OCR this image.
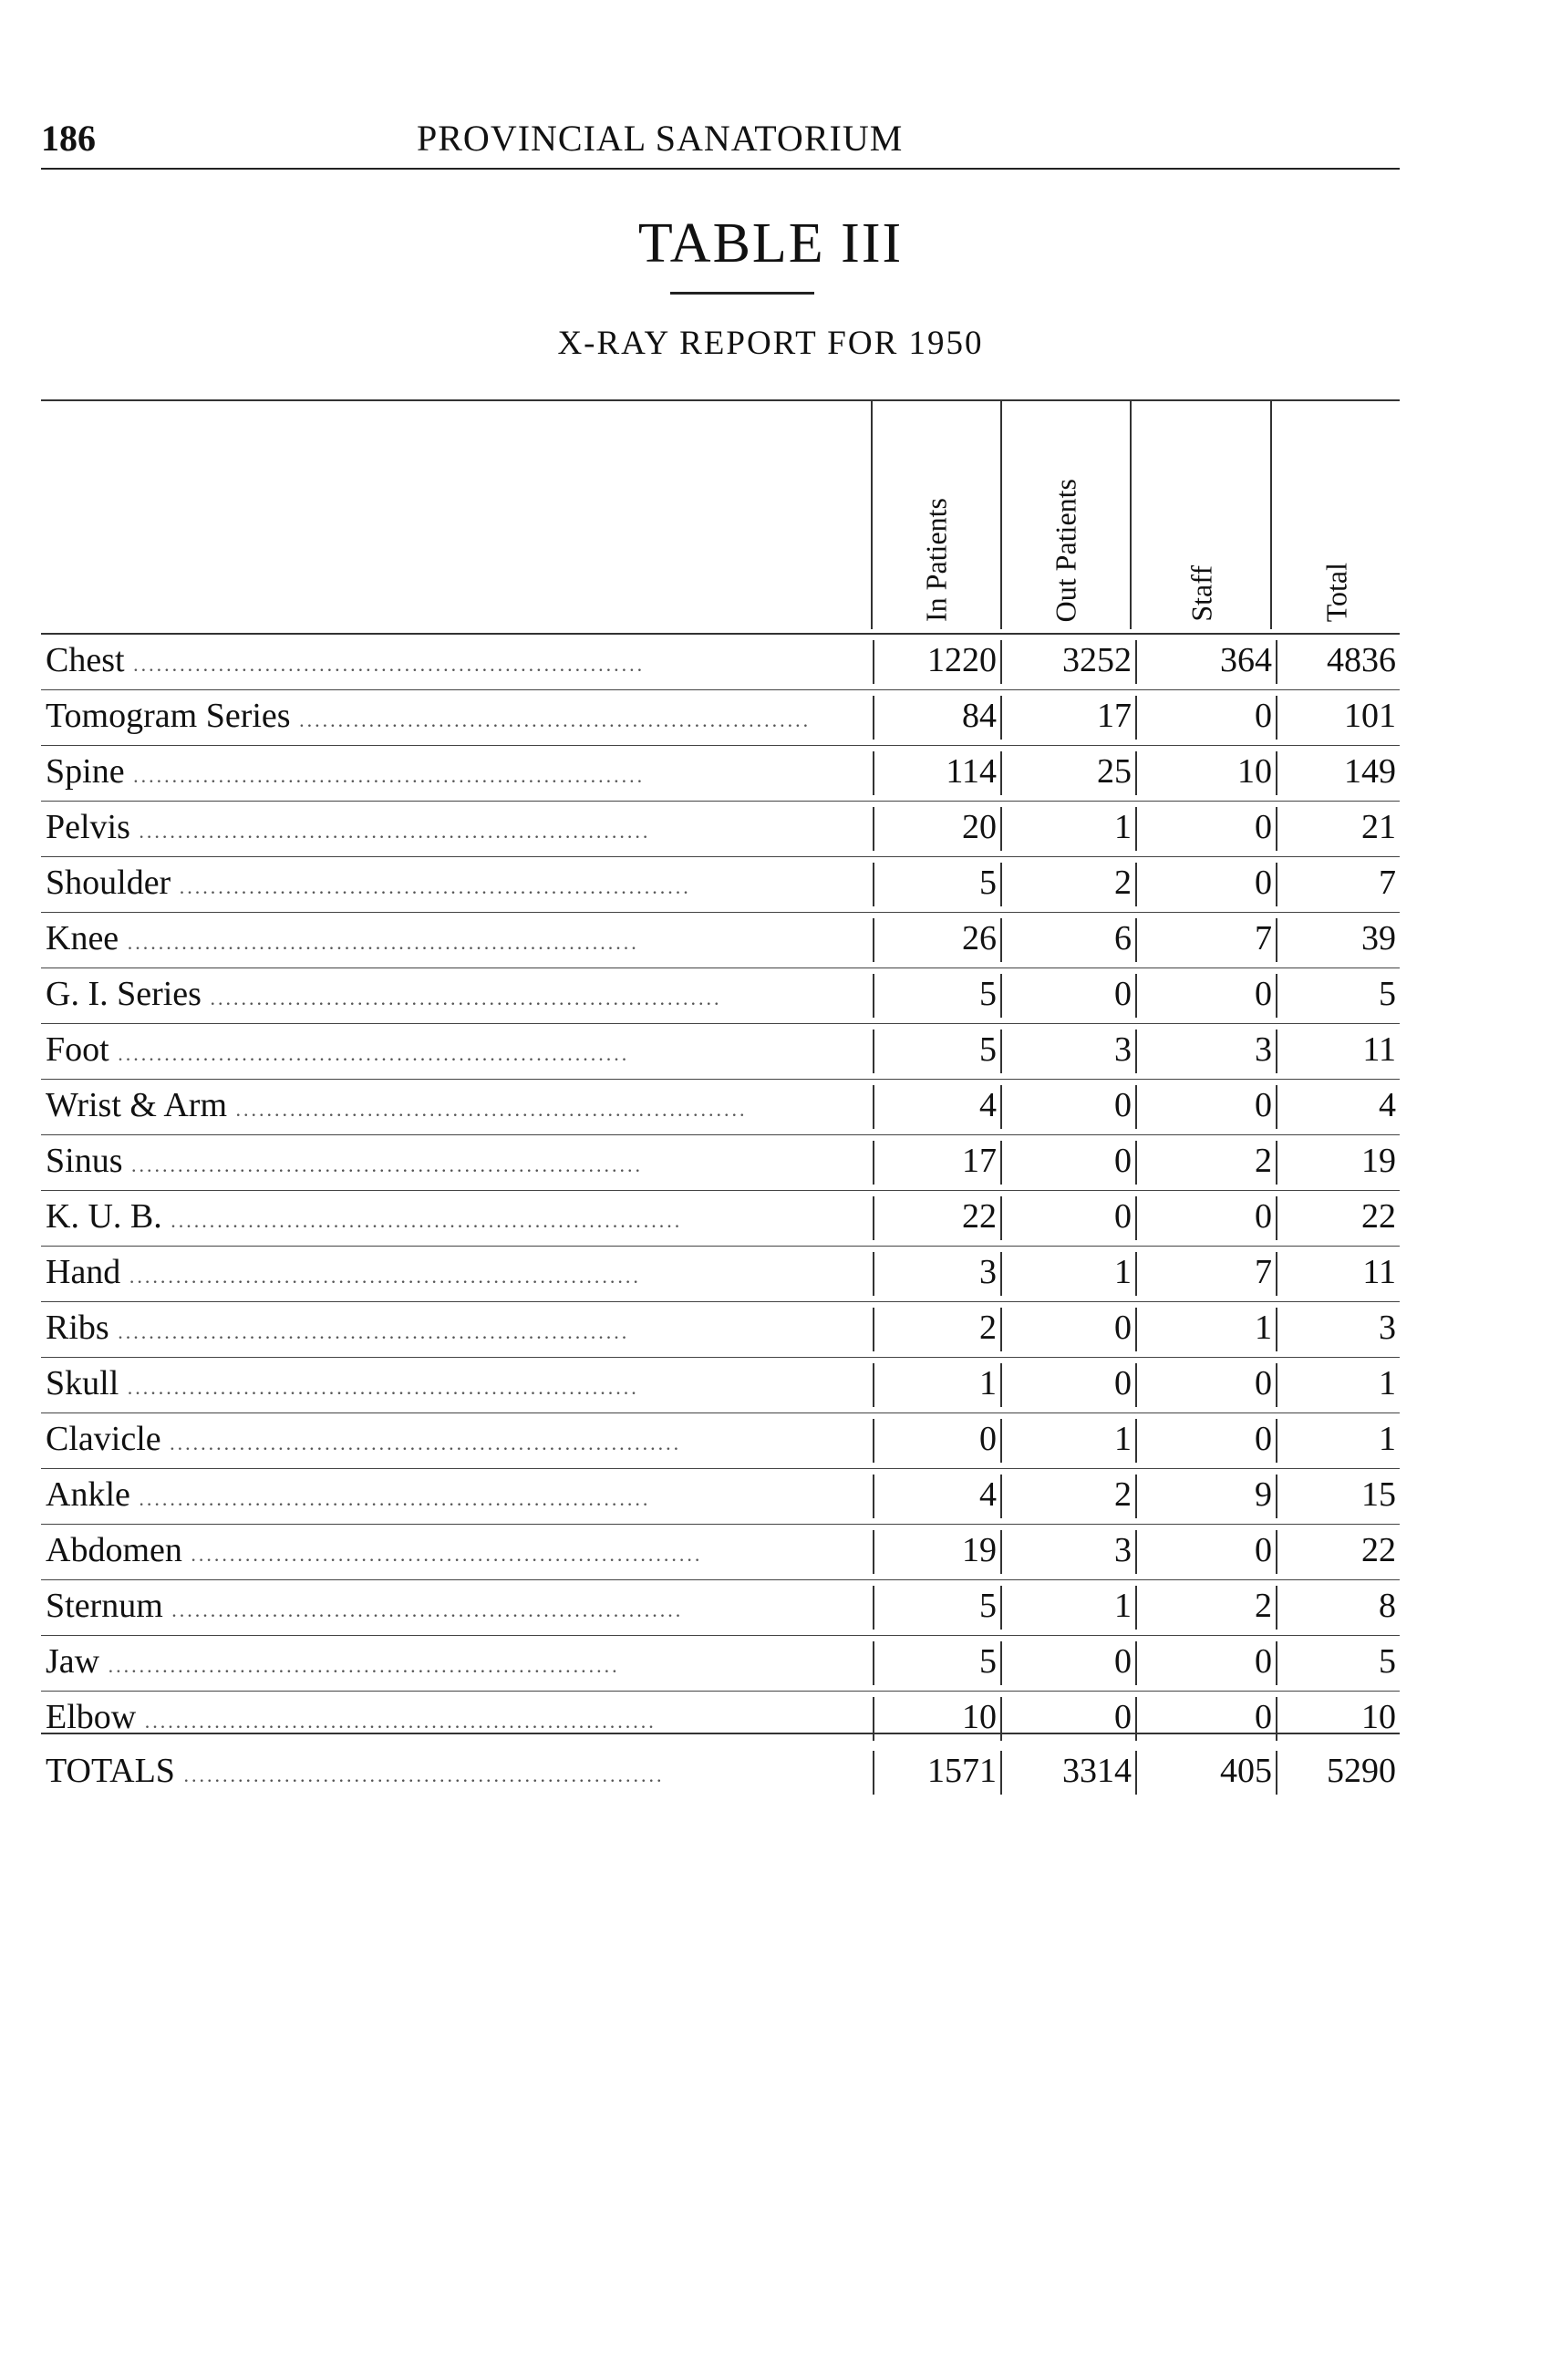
186	PROVINCIAL SANATORIUM
TABLE III
X-RAY REPORT FOR 1950
In Patients	Out Patients	Staff	Total
Chest ..................................................................	1220	3252	364	4836
Tomogram Series ..................................................................	84	17	0	101
Spine ..................................................................	114	25	10	149
Pelvis ..................................................................	20	1	0	21
Shoulder ..................................................................	5	2	0	7
Knee ..................................................................	26	6	7	39
G. I. Series ..................................................................	5	0	0	5
Foot ..................................................................	5	3	3	11
Wrist & Arm ..................................................................	4	0	0	4
Sinus ..................................................................	17	0	2	19
K. U. B. ..................................................................	22	0	0	22
Hand ..................................................................	3	1	7	11
Ribs ..................................................................	2	0	1	3
Skull ..................................................................	1	0	0	1
Clavicle ..................................................................	0	1	0	1
Ankle ..................................................................	4	2	9	15
Abdomen ..................................................................	19	3	0	22
Sternum ..................................................................	5	1	2	8
Jaw ..................................................................	5	0	0	5
Elbow ..................................................................	10	0	0	10
TOTALS ..............................................................	1571	3314	405	5290
